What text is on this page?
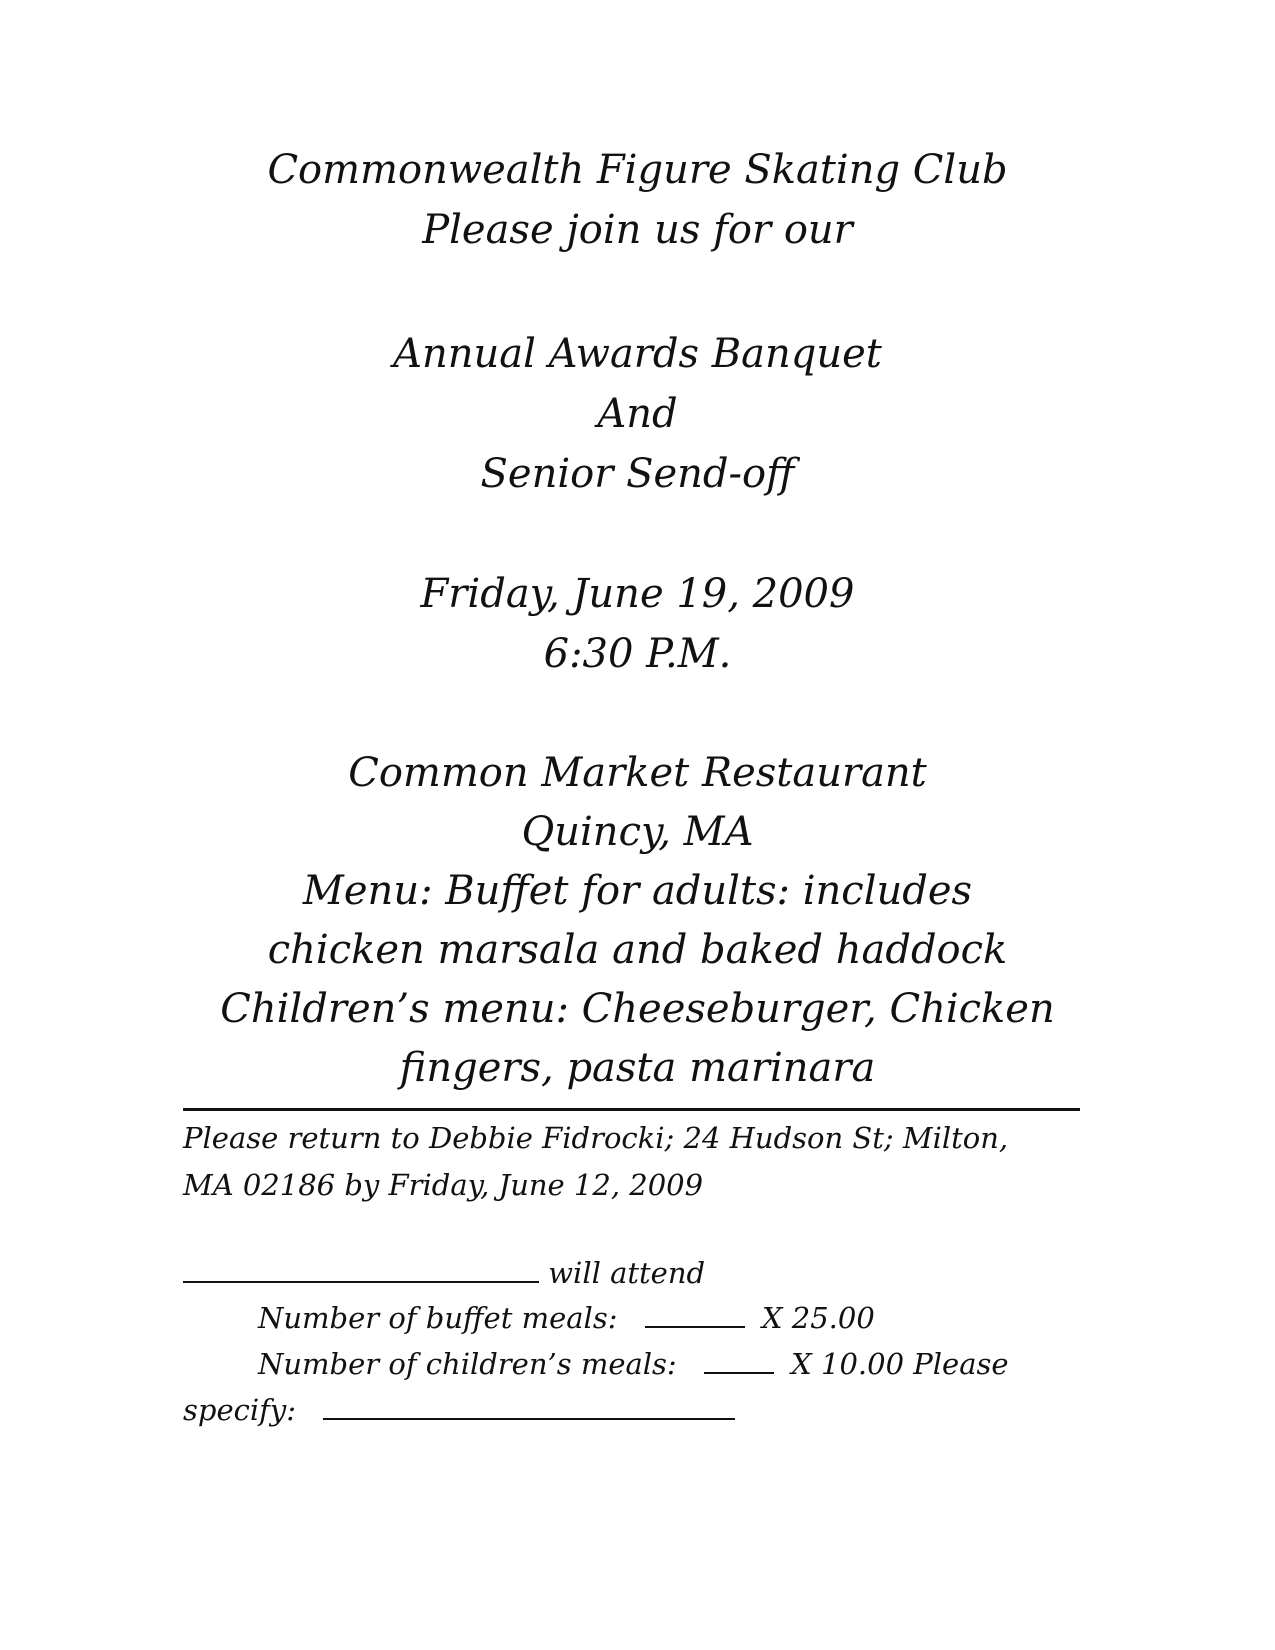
Commonwealth Figure Skating Club

Please join us for our

Annual Awards Banquet

And

Senior Send-off

Friday, June 19, 2009

6:30 P.M.

Common Market Restaurant

Quincy, MA

Menu: Buffet for adults: includes

chicken marsala and baked haddock

Children’s menu: Cheeseburger, Chicken

fingers, pasta marinara

Please return to Debbie Fidrocki; 24 Hudson St; Milton,

MA 02186 by Friday, June 12, 2009

will attend

Number of buffet meals:	X 25.00

Number of children’s meals:	X 10.00 Please

specify:
